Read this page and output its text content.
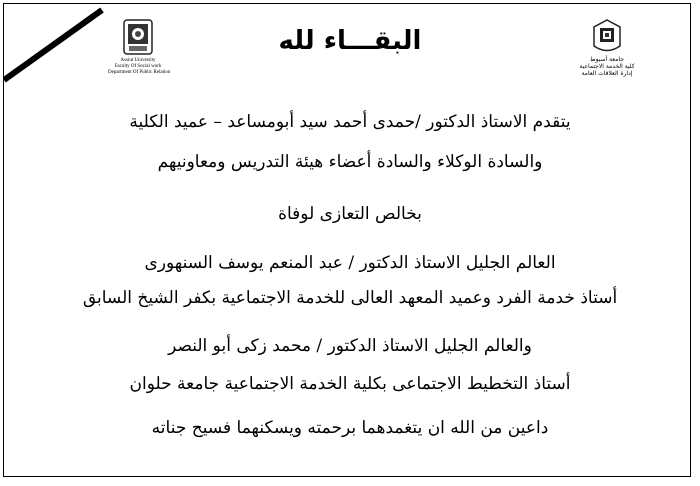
Assiut University
Faculty Of Social work
Department Of Public Relation
جامعة أسيوط
كلية الخدمة الاجتماعية
إدارة العلاقات العامة
البقـــاء لله
يتقدم الاستاذ الدكتور /حمدى أحمد سيد أبومساعد – عميد الكلية
والسادة الوكلاء والسادة أعضاء هيئة التدريس ومعاونيهم
بخالص التعازى لوفاة
العالم الجليل الاستاذ الدكتور / عبد المنعم يوسف السنهورى
أستاذ خدمة الفرد وعميد المعهد العالى للخدمة الاجتماعية بكفر الشيخ السابق
والعالم الجليل الاستاذ الدكتور / محمد زكى أبو النصر
أستاذ التخطيط الاجتماعى بكلية الخدمة الاجتماعية جامعة حلوان
داعين من الله ان يتغمدهما برحمته ويسكنهما فسيح جناته
